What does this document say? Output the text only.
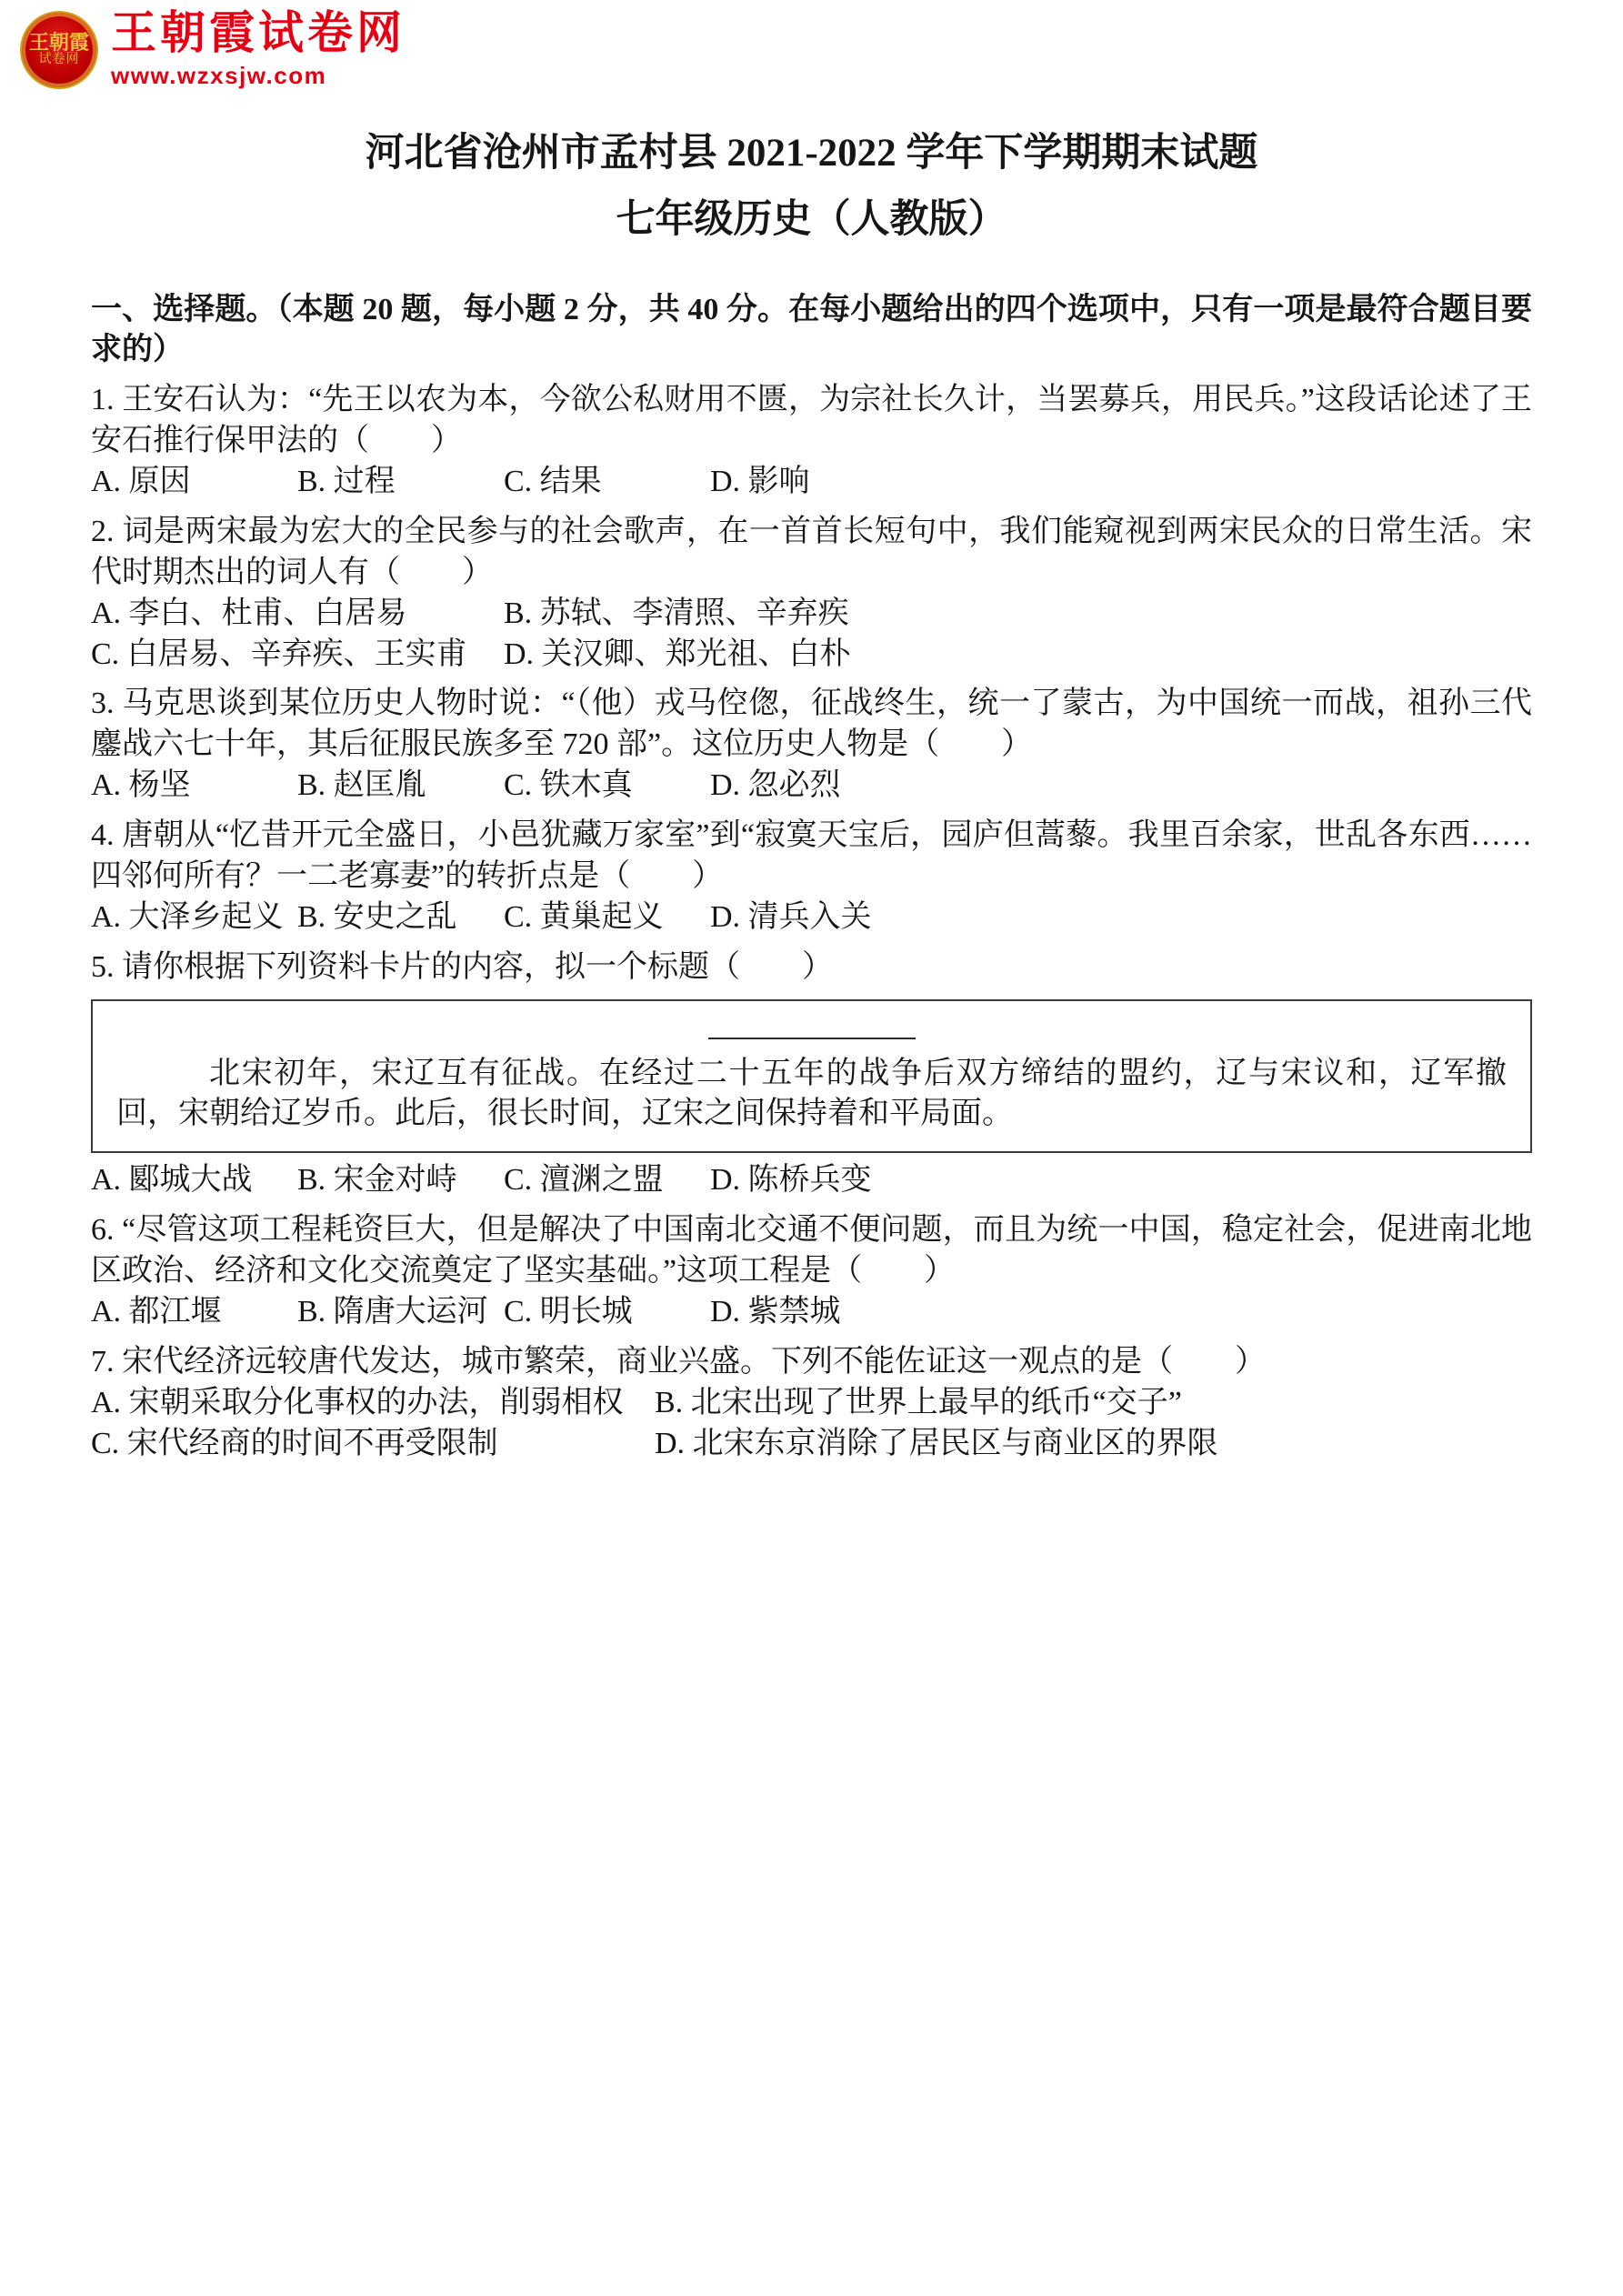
王朝霞
试卷网
王朝霞试卷网
www.wzxsjw.com
河北省沧州市孟村县 2021-2022 学年下学期期末试题
七年级历史（人教版）
一、选择题。（本题 20 题，每小题 2 分，共 40 分。在每小题给出的四个选项中，只有一项是最符合题目要求的）

1. 王安石认为：“先王以农为本，今欲公私财用不匮，为宗社长久计，当罢募兵，用民兵。”这段话论述了王安石推行保甲法的（　　）

A. 原因	B. 过程	C. 结果	D. 影响

2. 词是两宋最为宏大的全民参与的社会歌声，在一首首长短句中，我们能窥视到两宋民众的日常生活。宋代时期杰出的词人有（　　）

A. 李白、杜甫、白居易	B. 苏轼、李清照、辛弃疾
C. 白居易、辛弃疾、王实甫	D. 关汉卿、郑光祖、白朴

3. 马克思谈到某位历史人物时说：“（他）戎马倥偬，征战终生，统一了蒙古，为中国统一而战，祖孙三代鏖战六七十年，其后征服民族多至 720 部”。这位历史人物是（　　）

A. 杨坚	B. 赵匡胤	C. 铁木真	D. 忽必烈

4. 唐朝从“忆昔开元全盛日，小邑犹藏万家室”到“寂寞天宝后，园庐但蒿藜。我里百余家，世乱各东西……四邻何所有？一二老寡妻”的转折点是（　　）

A. 大泽乡起义 B. 安史之乱	C. 黄巢起义	D. 清兵入关

5. 请你根据下列资料卡片的内容，拟一个标题（　　）

北宋初年，宋辽互有征战。在经过二十五年的战争后双方缔结的盟约，辽与宋议和，辽军撤回，宋朝给辽岁币。此后，很长时间，辽宋之间保持着和平局面。

A. 郾城大战	B. 宋金对峙	C. 澶渊之盟	D. 陈桥兵变

6. “尽管这项工程耗资巨大，但是解决了中国南北交通不便问题，而且为统一中国，稳定社会，促进南北地区政治、经济和文化交流奠定了坚实基础。”这项工程是（　　）

A. 都江堰	B. 隋唐大运河 C. 明长城	D. 紫禁城

7. 宋代经济远较唐代发达，城市繁荣，商业兴盛。下列不能佐证这一观点的是（　　）

A. 宋朝采取分化事权的办法，削弱相权	B. 北宋出现了世界上最早的纸币“交子”
C. 宋代经商的时间不再受限制	D. 北宋东京消除了居民区与商业区的界限
